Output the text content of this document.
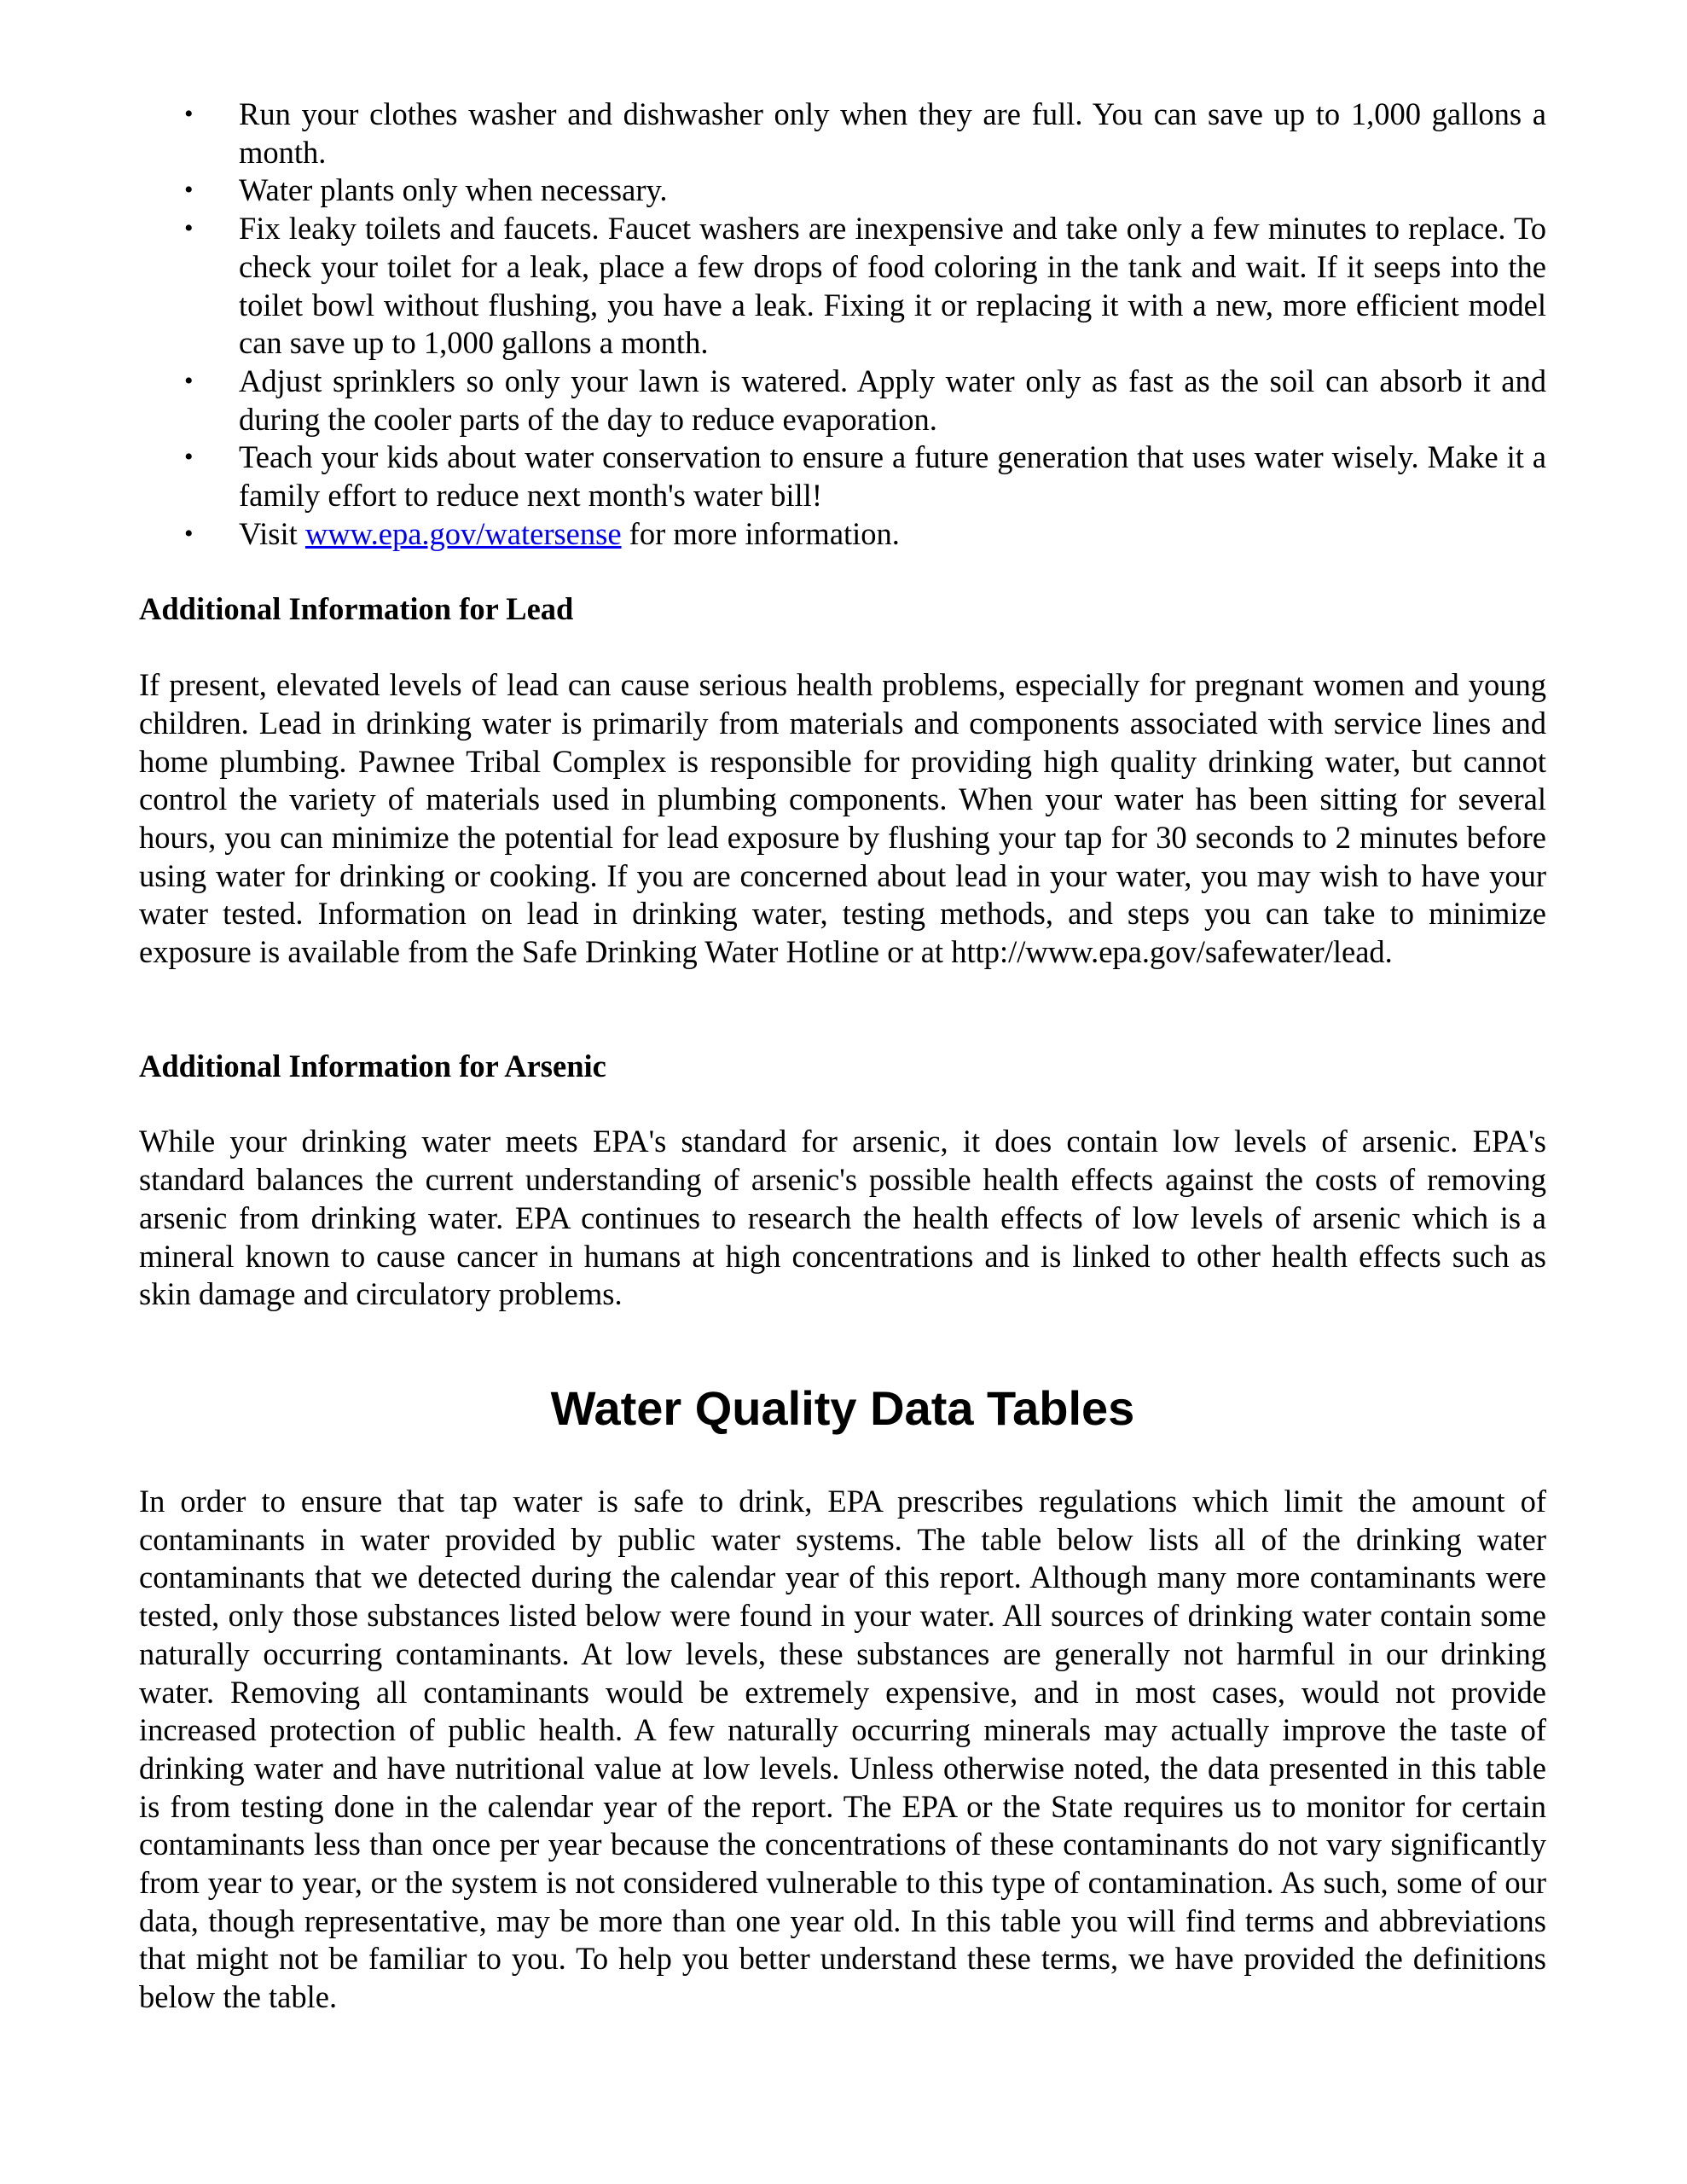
• Run your clothes washer and dishwasher only when they are full. You can save up to 1,000 gallons a month.
• Water plants only when necessary.
• Fix leaky toilets and faucets. Faucet washers are inexpensive and take only a few minutes to replace. To check your toilet for a leak, place a few drops of food coloring in the tank and wait. If it seeps into the toilet bowl without flushing, you have a leak. Fixing it or replacing it with a new, more efficient model can save up to 1,000 gallons a month.
• Adjust sprinklers so only your lawn is watered. Apply water only as fast as the soil can absorb it and during the cooler parts of the day to reduce evaporation.
• Teach your kids about water conservation to ensure a future generation that uses water wisely. Make it a family effort to reduce next month's water bill!
• Visit www.epa.gov/watersense for more information.
Additional Information for Lead

If present, elevated levels of lead can cause serious health problems, especially for pregnant women and young children. Lead in drinking water is primarily from materials and components associated with service lines and home plumbing. Pawnee Tribal Complex is responsible for providing high quality drinking water, but cannot control the variety of materials used in plumbing components. When your water has been sitting for several hours, you can minimize the potential for lead exposure by flushing your tap for 30 seconds to 2 minutes before using water for drinking or cooking. If you are concerned about lead in your water, you may wish to have your water tested. Information on lead in drinking water, testing methods, and steps you can take to minimize exposure is available from the Safe Drinking Water Hotline or at http://www.epa.gov/safewater/lead.

Additional Information for Arsenic

While your drinking water meets EPA's standard for arsenic, it does contain low levels of arsenic. EPA's standard balances the current understanding of arsenic's possible health effects against the costs of removing arsenic from drinking water. EPA continues to research the health effects of low levels of arsenic which is a mineral known to cause cancer in humans at high concentrations and is linked to other health effects such as skin damage and circulatory problems.

Water Quality Data Tables

In order to ensure that tap water is safe to drink, EPA prescribes regulations which limit the amount of contaminants in water provided by public water systems. The table below lists all of the drinking water contaminants that we detected during the calendar year of this report. Although many more contaminants were tested, only those substances listed below were found in your water. All sources of drinking water contain some naturally occurring contaminants. At low levels, these substances are generally not harmful in our drinking water. Removing all contaminants would be extremely expensive, and in most cases, would not provide increased protection of public health. A few naturally occurring minerals may actually improve the taste of drinking water and have nutritional value at low levels. Unless otherwise noted, the data presented in this table is from testing done in the calendar year of the report. The EPA or the State requires us to monitor for certain contaminants less than once per year because the concentrations of these contaminants do not vary significantly from year to year, or the system is not considered vulnerable to this type of contamination. As such, some of our data, though representative, may be more than one year old. In this table you will find terms and abbreviations that might not be familiar to you. To help you better understand these terms, we have provided the definitions below the table.
